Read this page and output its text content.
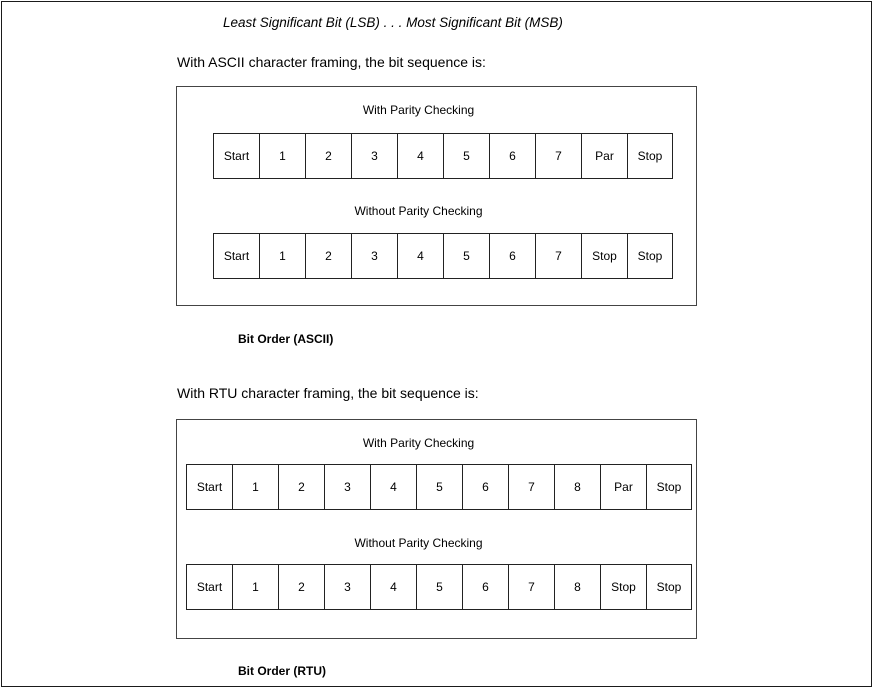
Least Significant Bit (LSB) . . . Most Significant Bit (MSB)
With ASCII character framing, the bit sequence is:
With Parity Checking
Start	1	2	3	4	5	6	7	Par	Stop
Without Parity Checking
Start	1	2	3	4	5	6	7	Stop	Stop
Bit Order (ASCII)
With RTU character framing, the bit sequence is:
With Parity Checking
Start	1	2	3	4	5	6	7	8	Par	Stop
Without Parity Checking
Start	1	2	3	4	5	6	7	8	Stop	Stop
Bit Order (RTU)
